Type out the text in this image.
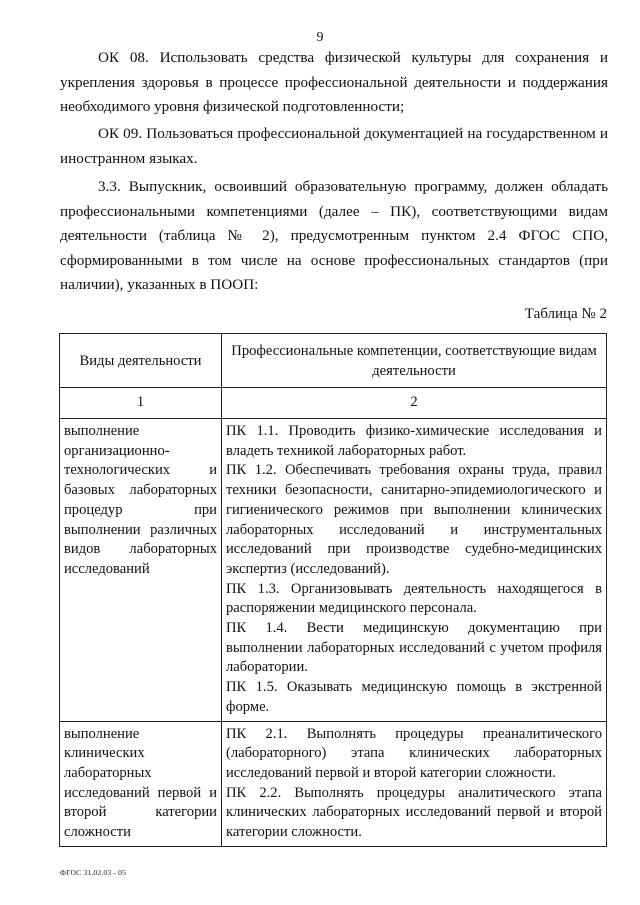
9

ОК 08. Использовать средства физической культуры для сохранения и укрепления здоровья в процессе профессиональной деятельности и поддержания необходимого уровня физической подготовленности;

ОК 09. Пользоваться профессиональной документацией на государственном и иностранном языках.

3.3. Выпускник, освоивший образовательную программу, должен обладать профессиональными компетенциями (далее – ПК), соответствующими видам деятельности (таблица № 2), предусмотренным пунктом 2.4 ФГОС СПО, сформированными в том числе на основе профессиональных стандартов (при наличии), указанных в ПООП:

Таблица № 2
Виды деятельности	Профессиональные компетенции, соответствующие видам деятельности
1	2
выполнение организационно-технологических и базовых лабораторных процедур при выполнении различных видов лабораторных исследований	ПК 1.1. Проводить физико-химические исследования и владеть техникой лабораторных работ.

ПК 1.2. Обеспечивать требования охраны труда, правил техники безопасности, санитарно-эпидемиологического и гигиенического режимов при выполнении клинических лабораторных исследований и инструментальных исследований при производстве судебно-медицинских экспертиз (исследований).

ПК 1.3. Организовывать деятельность находящегося в распоряжении медицинского персонала.

ПК 1.4. Вести медицинскую документацию при выполнении лабораторных исследований с учетом профиля лаборатории.

ПК 1.5. Оказывать медицинскую помощь в экстренной форме.

выполнение клинических лабораторных исследований первой и второй категории сложности	ПК 2.1. Выполнять процедуры преаналитического (лабораторного) этапа клинических лабораторных исследований первой и второй категории сложности.

ПК 2.2. Выполнять процедуры аналитического этапа клинических лабораторных исследований первой и второй категории сложности.

ФГОС 31.02.03 - 05
